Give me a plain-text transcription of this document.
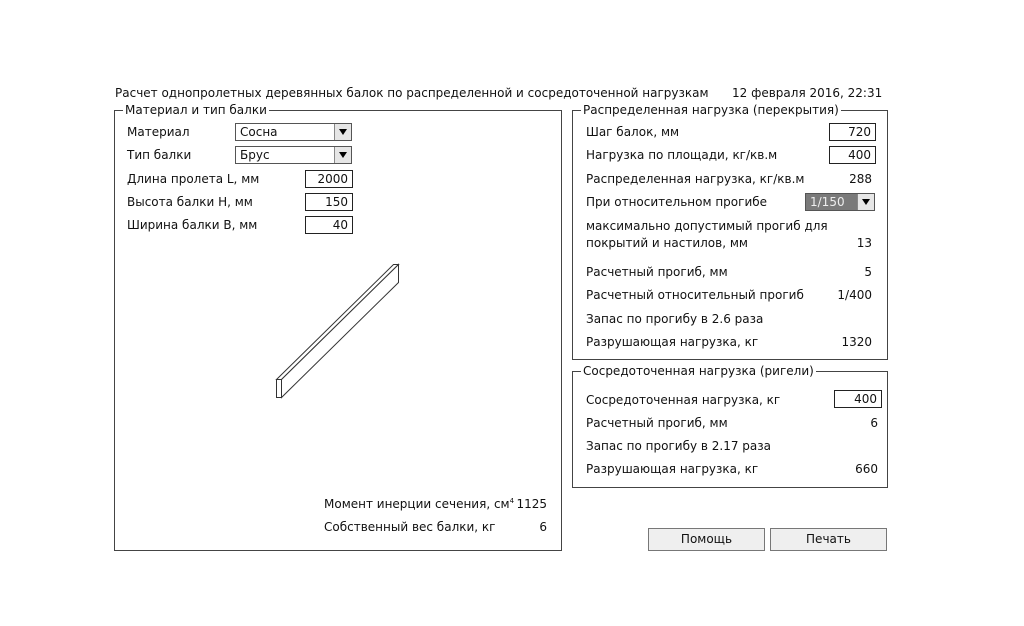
Расчет однопролетных деревянных балок по распределенной и сосредоточенной нагрузкам 12 февраля 2016, 22:31
Материал и тип балки
Материал	Сосна
Тип балки	Брус
Длина пролета L, мм	2000
Высота балки H, мм	150
Ширина балки B, мм	40
Момент инерции сечения, $см^4$ 1125
Собственный вес балки, кг	6
Распределенная нагрузка (перекрытия)
Шаг балок, мм	720
Нагрузка по площади, кг/кв.м	400
Распределенная нагрузка, кг/кв.м	288
При относительном прогибе	1/150
максимально допустимый прогиб для
покрытий и настилов, мм	13
Расчетный прогиб, мм	5
Расчетный относительный прогиб	1/400
Запас по прогибу в 2.6 раза
Разрушающая нагрузка, кг	1320
Сосредоточенная нагрузка (ригели)
Сосредоточенная нагрузка, кг	400
Расчетный прогиб, мм	6
Запас по прогибу в 2.17 раза
Разрушающая нагрузка, кг	660
Помощь	Печать
